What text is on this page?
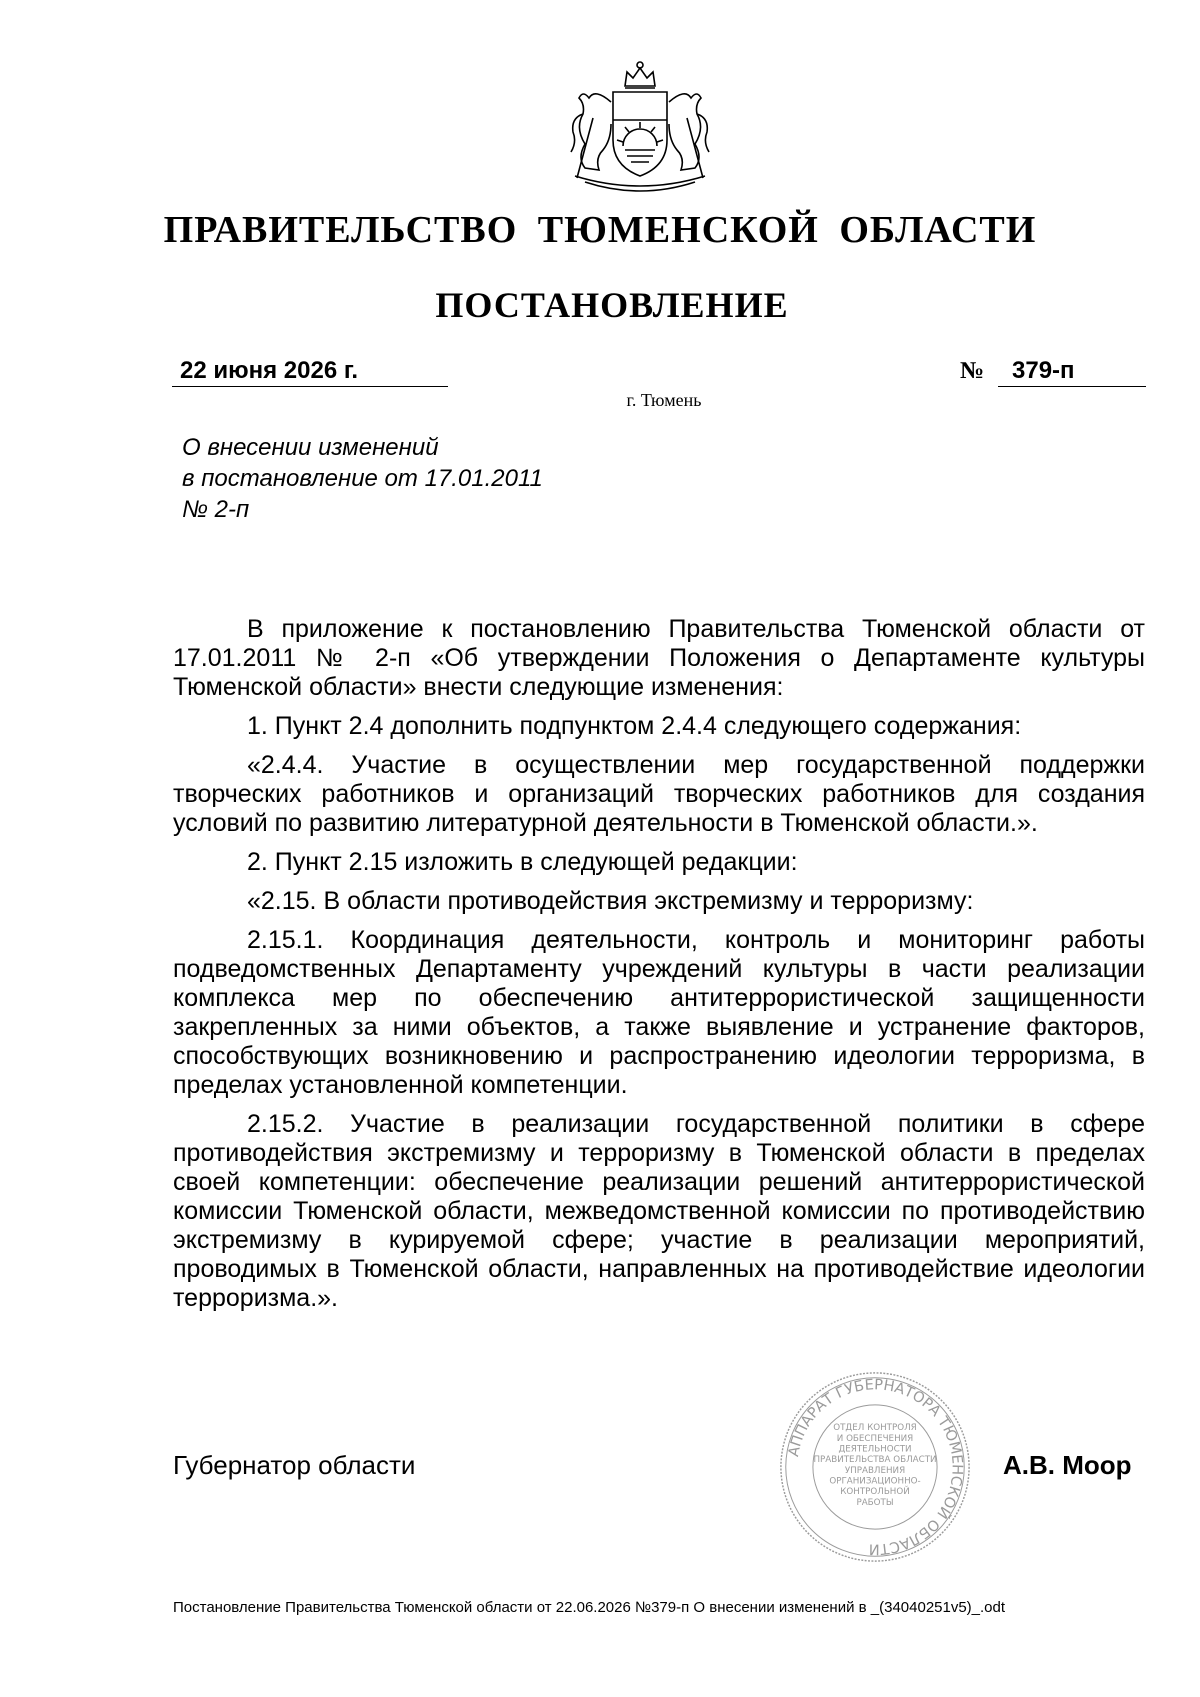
ПРАВИТЕЛЬСТВО ТЮМЕНСКОЙ ОБЛАСТИ
ПОСТАНОВЛЕНИЕ
22 июня 2026 г.	№	379-п
г. Тюмень
О внесении изменений
в постановление от 17.01.2011
№ 2-п

В приложение к постановлению Правительства Тюменской области от 17.01.2011 № 2-п «Об утверждении Положения о Департаменте культуры Тюменской области» внести следующие изменения:

1. Пункт 2.4 дополнить подпунктом 2.4.4 следующего содержания:

«2.4.4. Участие в осуществлении мер государственной поддержки творческих работников и организаций творческих работников для создания условий по развитию литературной деятельности в Тюменской области.».

2. Пункт 2.15 изложить в следующей редакции:

«2.15. В области противодействия экстремизму и терроризму:

2.15.1. Координация деятельности, контроль и мониторинг работы подведомственных Департаменту учреждений культуры в части реализации комплекса мер по обеспечению антитеррористической защищенности закрепленных за ними объектов, а также выявление и устранение факторов, способствующих возникновению и распространению идеологии терроризма, в пределах установленной компетенции.

2.15.2. Участие в реализации государственной политики в сфере противодействия экстремизму и терроризму в Тюменской области в пределах своей компетенции: обеспечение реализации решений антитеррористической комиссии Тюменской области, межведомственной комиссии по противодействию экстремизму в курируемой сфере; участие в реализации мероприятий, проводимых в Тюменской области, направленных на противодействие идеологии терроризма.».

Губернатор области	АППАРАТ ГУБЕРНАТОРА ТЮМЕНСКОЙ ОБЛАСТИ
ОТДЕЛ КОНТРОЛЯ
И ОБЕСПЕЧЕНИЯ
ДЕЯТЕЛЬНОСТИ
ПРАВИТЕЛЬСТВА ОБЛАСТИ
УПРАВЛЕНИЯ
ОРГАНИЗАЦИОННО-
КОНТРОЛЬНОЙ
РАБОТЫ
А.В. Моор
Постановление Правительства Тюменской области от 22.06.2026 №379-п О внесении изменений в _(34040251v5)_.odt
